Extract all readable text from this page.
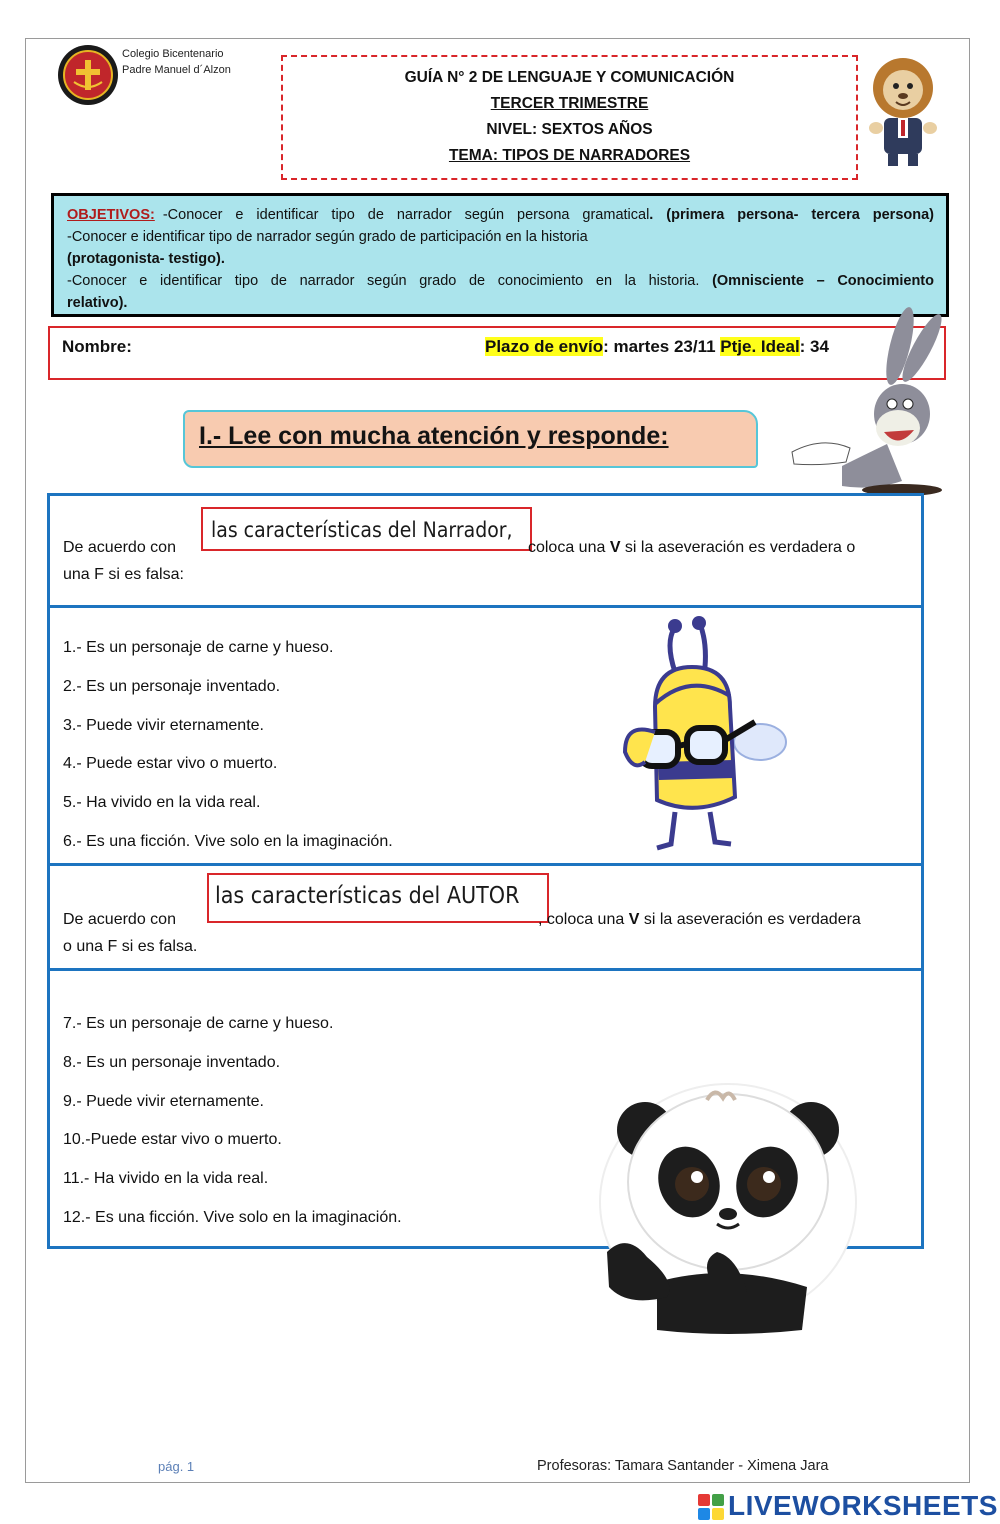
Colegio Bicentenario
Padre Manuel d´Alzon	GUÍA N° 2 DE LENGUAJE Y COMUNICACIÓN
TERCER TRIMESTRE
NIVEL: SEXTOS AÑOS
TEMA: TIPOS DE NARRADORES
OBJETIVOS: -Conocer e identificar tipo de narrador según persona gramatical. (primera persona- tercera persona)
-Conocer e identificar tipo de narrador según grado de participación en la historia
(protagonista- testigo).
-Conocer e identificar tipo de narrador según grado de conocimiento en la historia. (Omnisciente – Conocimiento
relativo).
Nombre:	Plazo de envío: martes 23/11 Ptje. Ideal: 34
I.- Lee con mucha atención y responde:
las características del Narrador,
De acuerdo con	coloca una V si la aseveración es verdadera o
una F si es falsa:
1.- Es un personaje de carne y hueso.
2.- Es un personaje inventado.
3.- Puede vivir eternamente.
4.- Puede estar vivo o muerto.
5.- Ha vivido en la vida real.
6.- Es una ficción. Vive solo en la imaginación.
las características del AUTOR
De acuerdo con	, coloca una V si la aseveración es verdadera
o una F si es falsa.
7.- Es un personaje de carne y hueso.
8.- Es un personaje inventado.
9.- Puede vivir eternamente.
10.-Puede estar vivo o muerto.
11.- Ha vivido en la vida real.
12.- Es una ficción. Vive solo en la imaginación.
pág. 1	Profesoras: Tamara Santander - Ximena Jara
LIVEWORKSHEETS
